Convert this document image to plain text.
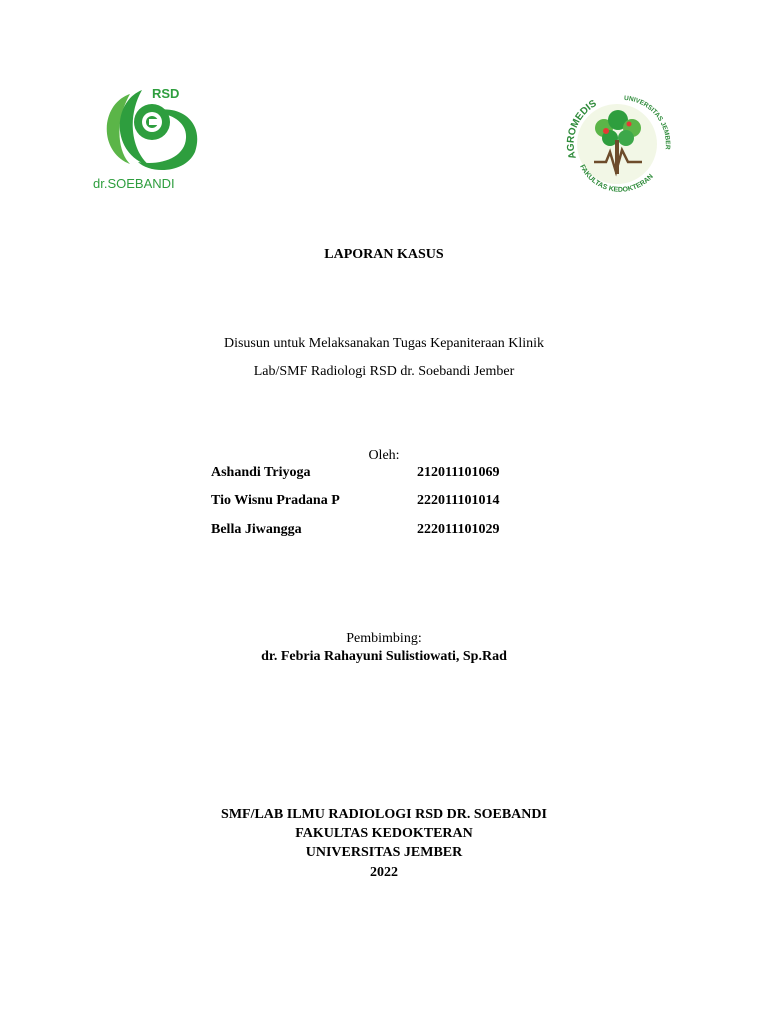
RSD
dr.SOEBANDI
AGROMEDIS	UNIVERSITAS JEMBER
FAKULTAS KEDOKTERAN
LAPORAN KASUS
Disusun untuk Melaksanakan Tugas Kepaniteraan Klinik
Lab/SMF Radiologi RSD dr. Soebandi Jember
Oleh:
Ashandi Triyoga	212011101069
Tio Wisnu Pradana P	222011101014
Bella Jiwangga	222011101029
Pembimbing:
dr. Febria Rahayuni Sulistiowati, Sp.Rad
SMF/LAB ILMU RADIOLOGI RSD DR. SOEBANDI
FAKULTAS KEDOKTERAN
UNIVERSITAS JEMBER
2022
